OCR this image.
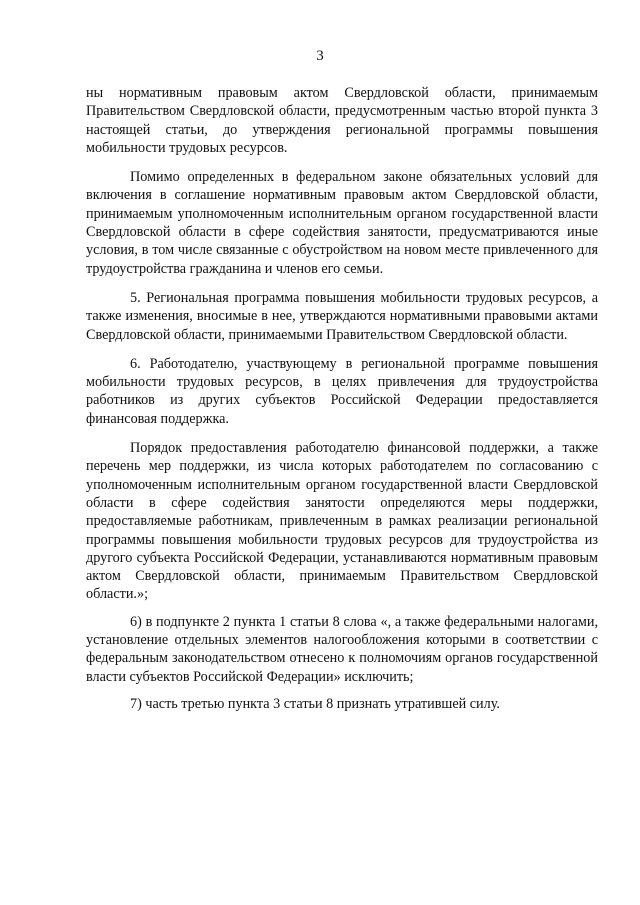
3

ны нормативным правовым актом Свердловской области, принимаемым Правительством Свердловской области, предусмотренным частью второй пункта 3 настоящей статьи, до утверждения региональной программы повышения мобильности трудовых ресурсов.

Помимо определенных в федеральном законе обязательных условий для включения в соглашение нормативным правовым актом Свердловской области, принимаемым уполномоченным исполнительным органом государственной власти Свердловской области в сфере содействия занятости, предусматриваются иные условия, в том числе связанные с обустройством на новом месте привлеченного для трудоустройства гражданина и членов его семьи.

5. Региональная программа повышения мобильности трудовых ресурсов, а также изменения, вносимые в нее, утверждаются нормативными правовыми актами Свердловской области, принимаемыми Правительством Свердловской области.

6. Работодателю, участвующему в региональной программе повышения мобильности трудовых ресурсов, в целях привлечения для трудоустройства работников из других субъектов Российской Федерации предоставляется финансовая поддержка.

Порядок предоставления работодателю финансовой поддержки, а также перечень мер поддержки, из числа которых работодателем по согласованию с уполномоченным исполнительным органом государственной власти Свердловской области в сфере содействия занятости определяются меры поддержки, предоставляемые работникам, привлеченным в рамках реализации региональной программы повышения мобильности трудовых ресурсов для трудоустройства из другого субъекта Российской Федерации, устанавливаются нормативным правовым актом Свердловской области, принимаемым Правительством Свердловской области.»;

6) в подпункте 2 пункта 1 статьи 8 слова «, а также федеральными налогами, установление отдельных элементов налогообложения которыми в соответствии с федеральным законодательством отнесено к полномочиям органов государственной власти субъектов Российской Федерации» исключить;

7) часть третью пункта 3 статьи 8 признать утратившей силу.
